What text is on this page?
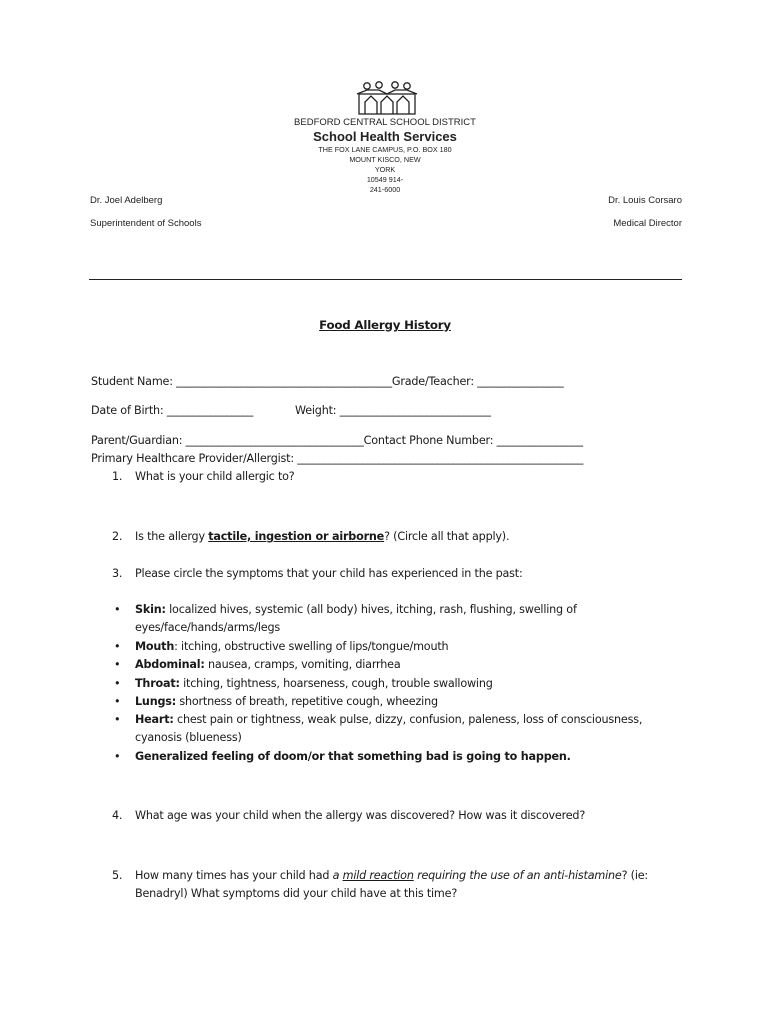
BEDFORD CENTRAL SCHOOL DISTRICT
School Health Services
THE FOX LANE CAMPUS, P.O. BOX 180
MOUNT KISCO, NEW
YORK
10549 914-
241-6000
Dr. Joel Adelberg
Superintendent of Schools
Dr. Louis Corsaro
Medical Director
Food Allergy History
Student Name: ________________________________________Grade/Teacher: ________________
Date of Birth: ________________	Weight: ____________________________
Parent/Guardian: _________________________________Contact Phone Number: ________________
Primary Healthcare Provider/Allergist: _____________________________________________________
1. What is your child allergic to?
2. Is the allergy tactile, ingestion or airborne? (Circle all that apply).
3. Please circle the symptoms that your child has experienced in the past:
• Skin: localized hives, systemic (all body) hives, itching, rash, flushing, swelling of
eyes/face/hands/arms/legs
• Mouth: itching, obstructive swelling of lips/tongue/mouth
• Abdominal: nausea, cramps, vomiting, diarrhea
• Throat: itching, tightness, hoarseness, cough, trouble swallowing
• Lungs: shortness of breath, repetitive cough, wheezing
• Heart: chest pain or tightness, weak pulse, dizzy, confusion, paleness, loss of consciousness,
cyanosis (blueness)
• Generalized feeling of doom/or that something bad is going to happen.
4. What age was your child when the allergy was discovered? How was it discovered?
5. How many times has your child had a mild reaction requiring the use of an anti-histamine? (ie:
Benadryl) What symptoms did your child have at this time?
